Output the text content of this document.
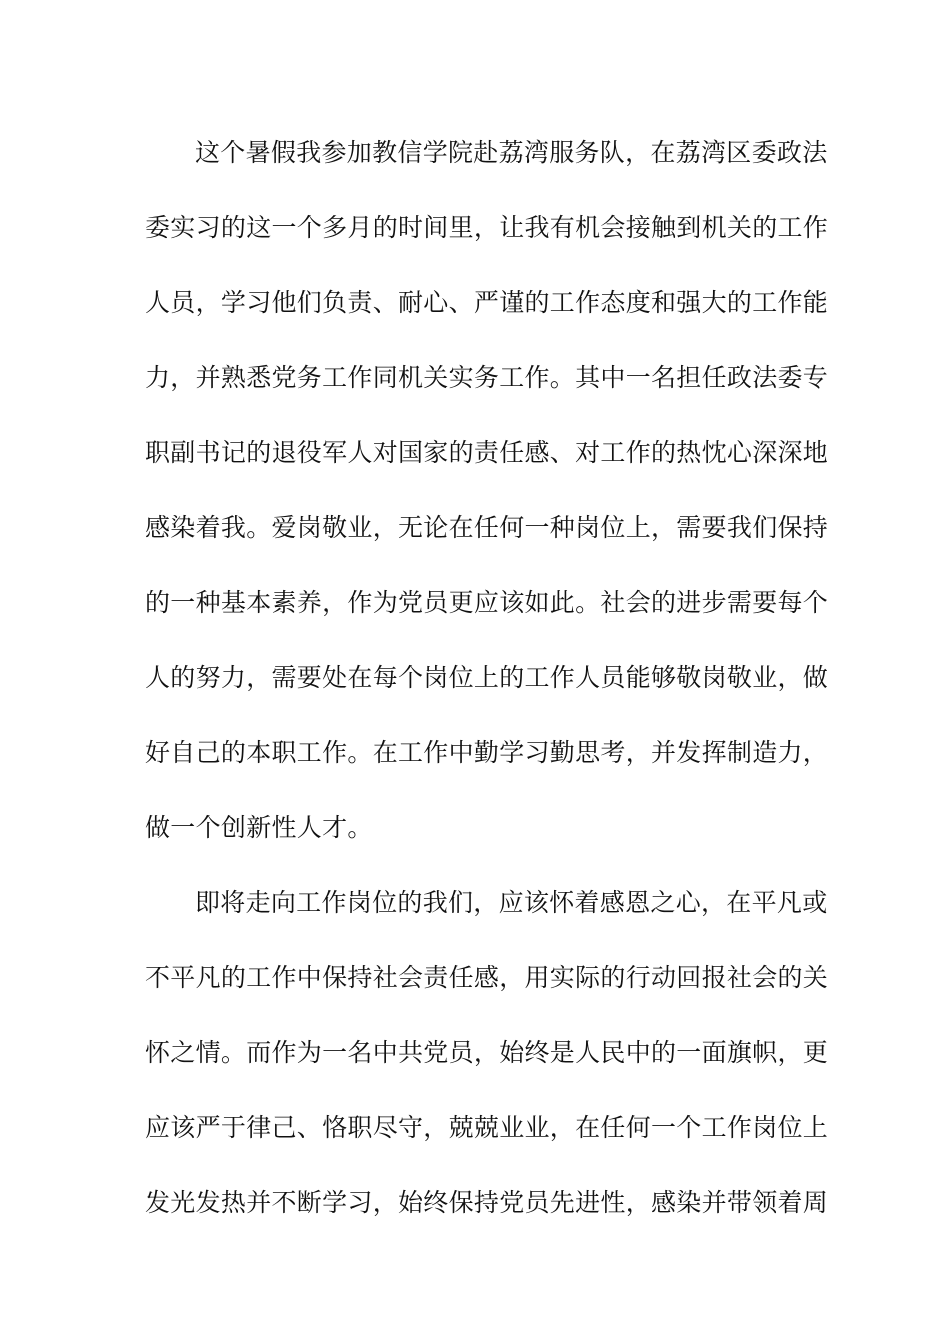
这个暑假我参加教信学院赴荔湾服务队，在荔湾区委政法
委实习的这一个多月的时间里，让我有机会接触到机关的工作
人员，学习他们负责、耐心、严谨的工作态度和强大的工作能
力，并熟悉党务工作同机关实务工作。其中一名担任政法委专
职副书记的退役军人对国家的责任感、对工作的热忱心深深地
感染着我。爱岗敬业，无论在任何一种岗位上，需要我们保持
的一种基本素养，作为党员更应该如此。社会的进步需要每个
人的努力，需要处在每个岗位上的工作人员能够敬岗敬业，做
好自己的本职工作。在工作中勤学习勤思考，并发挥制造力，
做一个创新性人才。
即将走向工作岗位的我们，应该怀着感恩之心，在平凡或
不平凡的工作中保持社会责任感，用实际的行动回报社会的关
怀之情。而作为一名中共党员，始终是人民中的一面旗帜，更
应该严于律己、恪职尽守，兢兢业业，在任何一个工作岗位上
发光发热并不断学习，始终保持党员先进性，感染并带领着周
